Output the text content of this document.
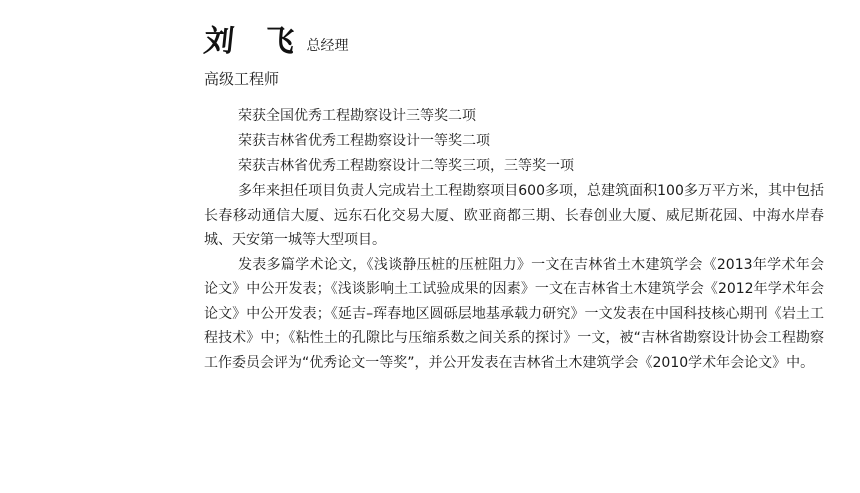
刘 飞 总经理
高级工程师
荣获全国优秀工程勘察设计三等奖二项
荣获吉林省优秀工程勘察设计一等奖二项
荣获吉林省优秀工程勘察设计二等奖三项，三等奖一项

多年来担任项目负责人完成岩土工程勘察项目600多项，总建筑面积100多万平方米，其中包括长春移动通信大厦、远东石化交易大厦、欧亚商都三期、长春创业大厦、威尼斯花园、中海水岸春城、天安第一城等大型项目。

发表多篇学术论文，《浅谈静压桩的压桩阻力》一文在吉林省土木建筑学会《2013年学术年会论文》中公开发表；《浅谈影响土工试验成果的因素》一文在吉林省土木建筑学会《2012年学术年会论文》中公开发表；《延吉–珲春地区圆砾层地基承载力研究》一文发表在中国科技核心期刊《岩土工程技术》中；《粘性土的孔隙比与压缩系数之间关系的探讨》一文，被“吉林省勘察设计协会工程勘察工作委员会评为“优秀论文一等奖”，并公开发表在吉林省土木建筑学会《2010学术年会论文》中。
